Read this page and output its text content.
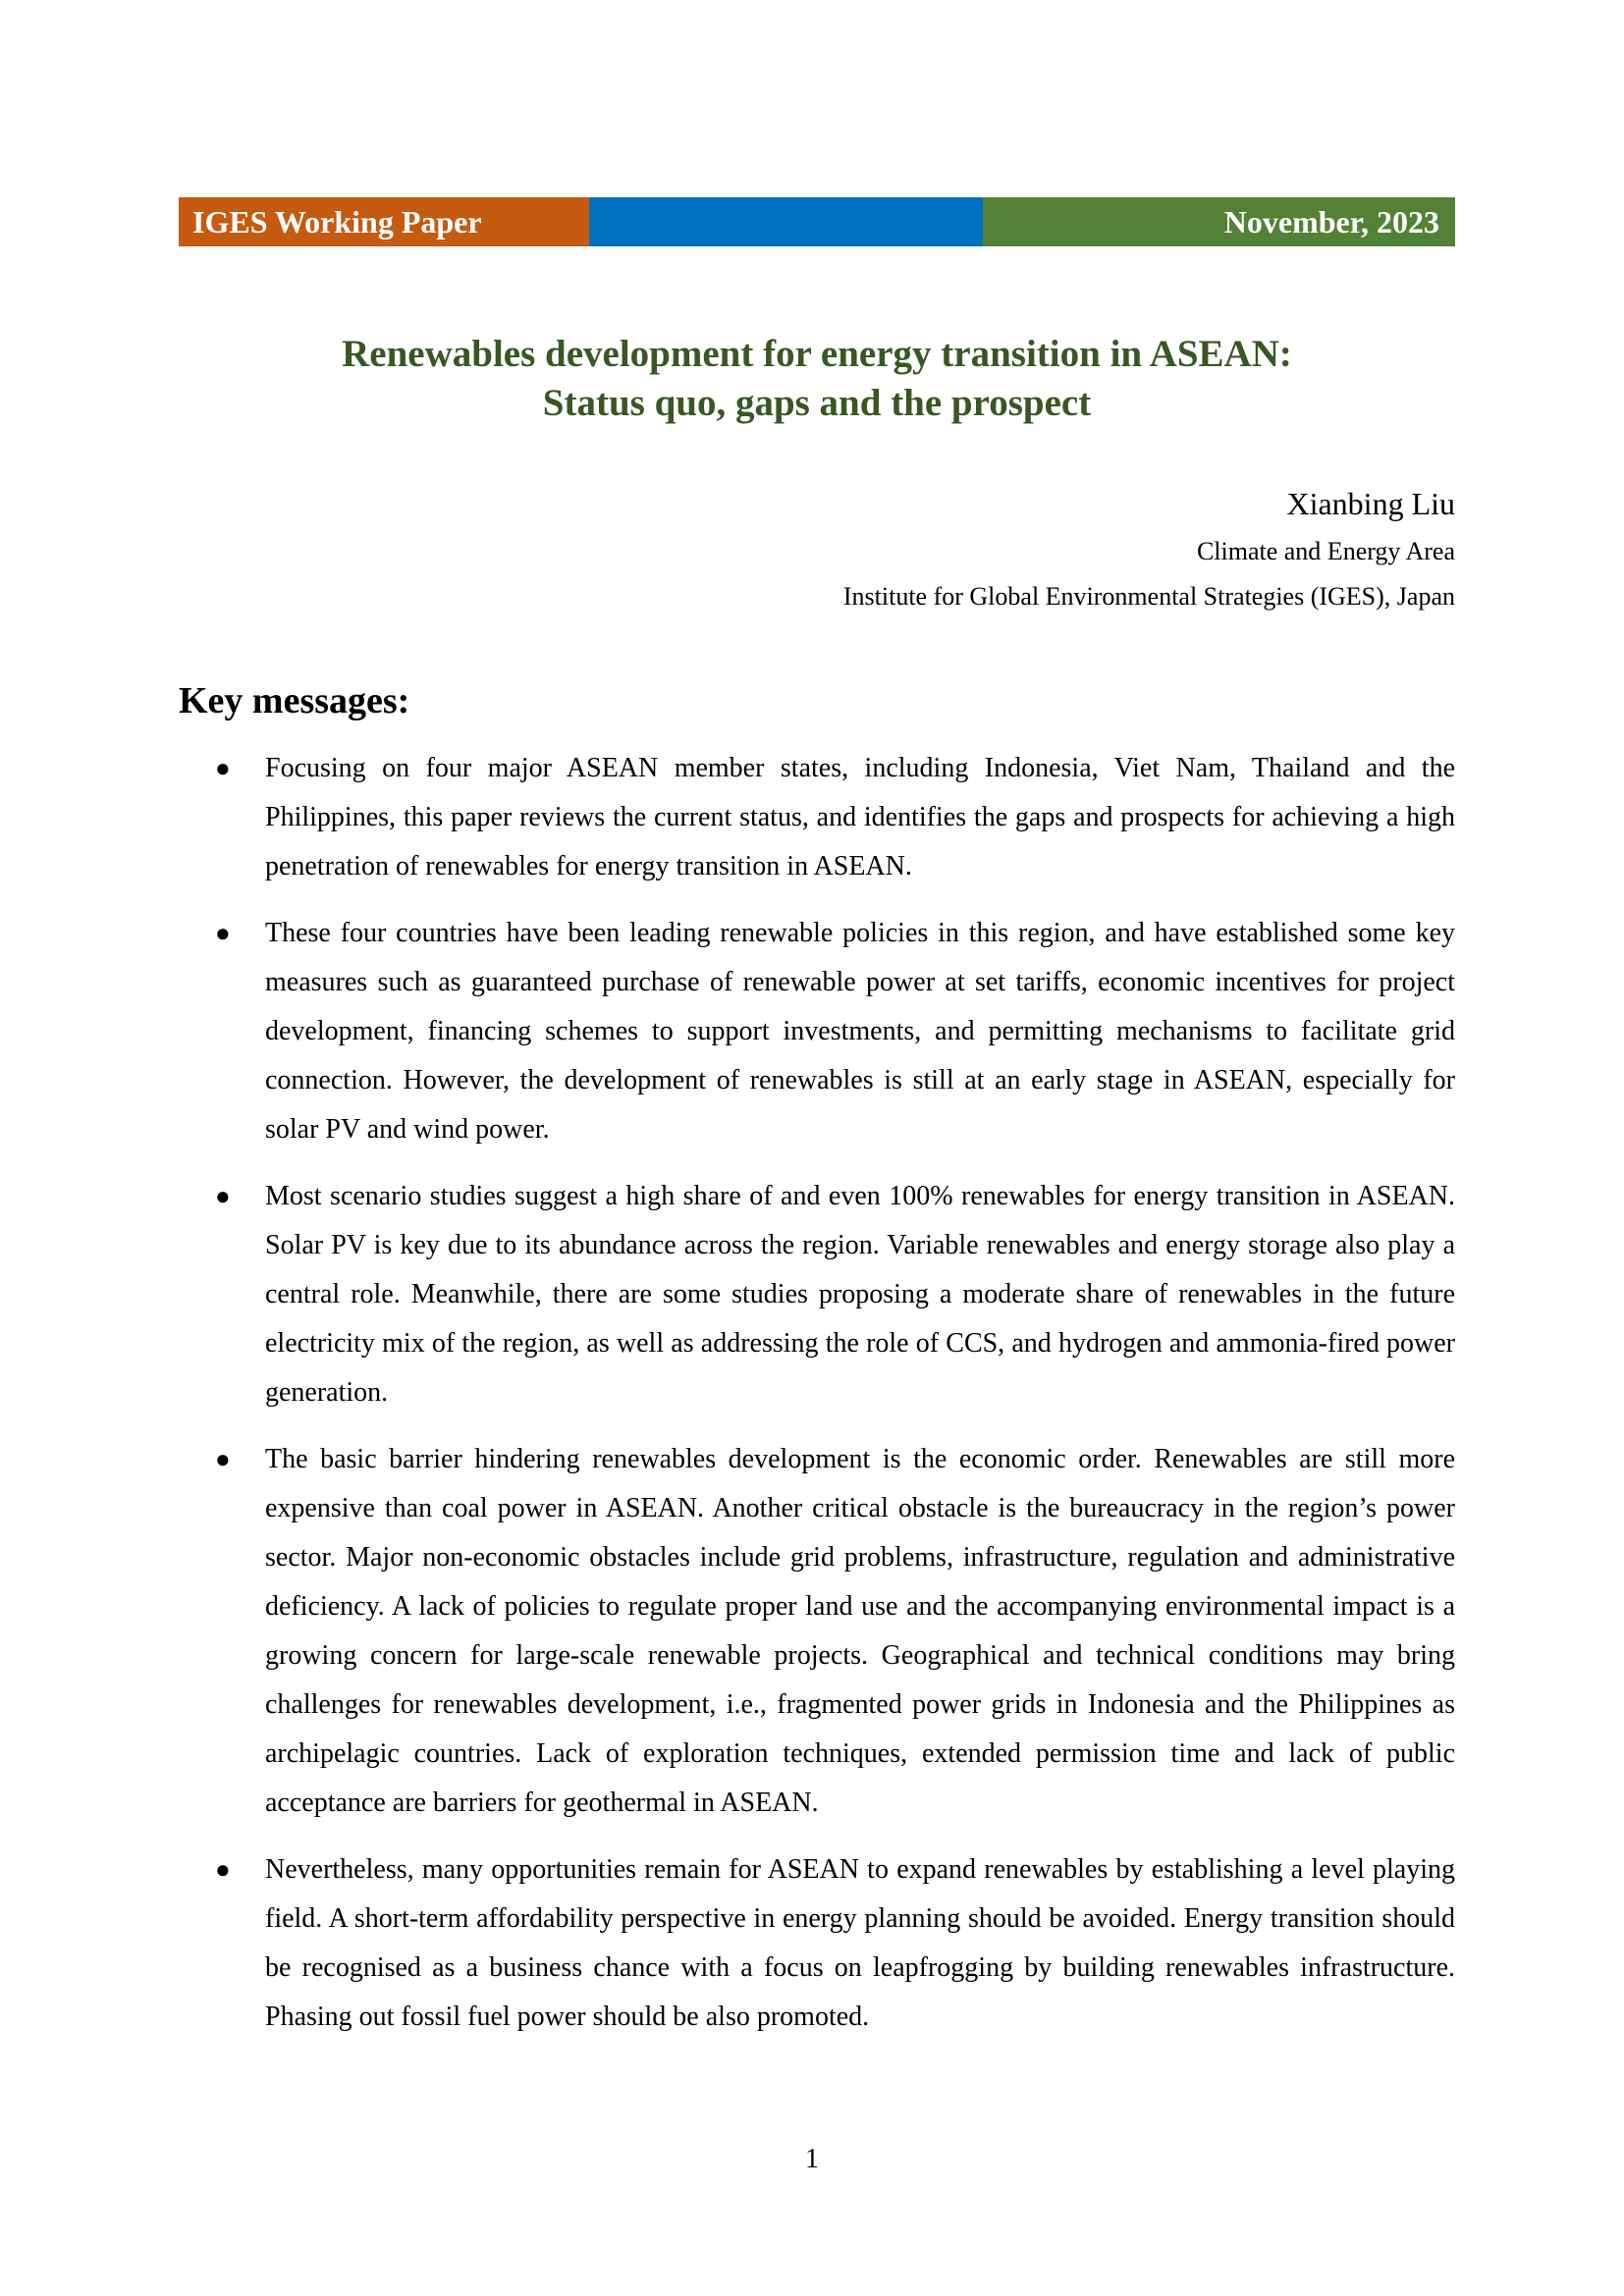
IGES Working Paper	November, 2023
Renewables development for energy transition in ASEAN:
Status quo, gaps and the prospect
Xianbing Liu
Climate and Energy Area
Institute for Global Environmental Strategies (IGES), Japan
Key messages:
● Focusing on four major ASEAN member states, including Indonesia, Viet Nam, Thailand and the Philippines, this paper reviews the current status, and identifies the gaps and prospects for achieving a high penetration of renewables for energy transition in ASEAN.
● These four countries have been leading renewable policies in this region, and have established some key measures such as guaranteed purchase of renewable power at set tariffs, economic incentives for project development, financing schemes to support investments, and permitting mechanisms to facilitate grid connection. However, the development of renewables is still at an early stage in ASEAN, especially for solar PV and wind power.
● Most scenario studies suggest a high share of and even 100% renewables for energy transition in ASEAN. Solar PV is key due to its abundance across the region. Variable renewables and energy storage also play a central role. Meanwhile, there are some studies proposing a moderate share of renewables in the future electricity mix of the region, as well as addressing the role of CCS, and hydrogen and ammonia-fired power generation.
● The basic barrier hindering renewables development is the economic order. Renewables are still more expensive than coal power in ASEAN. Another critical obstacle is the bureaucracy in the region’s power sector. Major non-economic obstacles include grid problems, infrastructure, regulation and administrative deficiency. A lack of policies to regulate proper land use and the accompanying environmental impact is a growing concern for large-scale renewable projects. Geographical and technical conditions may bring challenges for renewables development, i.e., fragmented power grids in Indonesia and the Philippines as archipelagic countries. Lack of exploration techniques, extended permission time and lack of public acceptance are barriers for geothermal in ASEAN.
● Nevertheless, many opportunities remain for ASEAN to expand renewables by establishing a level playing field. A short-term affordability perspective in energy planning should be avoided. Energy transition should be recognised as a business chance with a focus on leapfrogging by building renewables infrastructure. Phasing out fossil fuel power should be also promoted.
1
